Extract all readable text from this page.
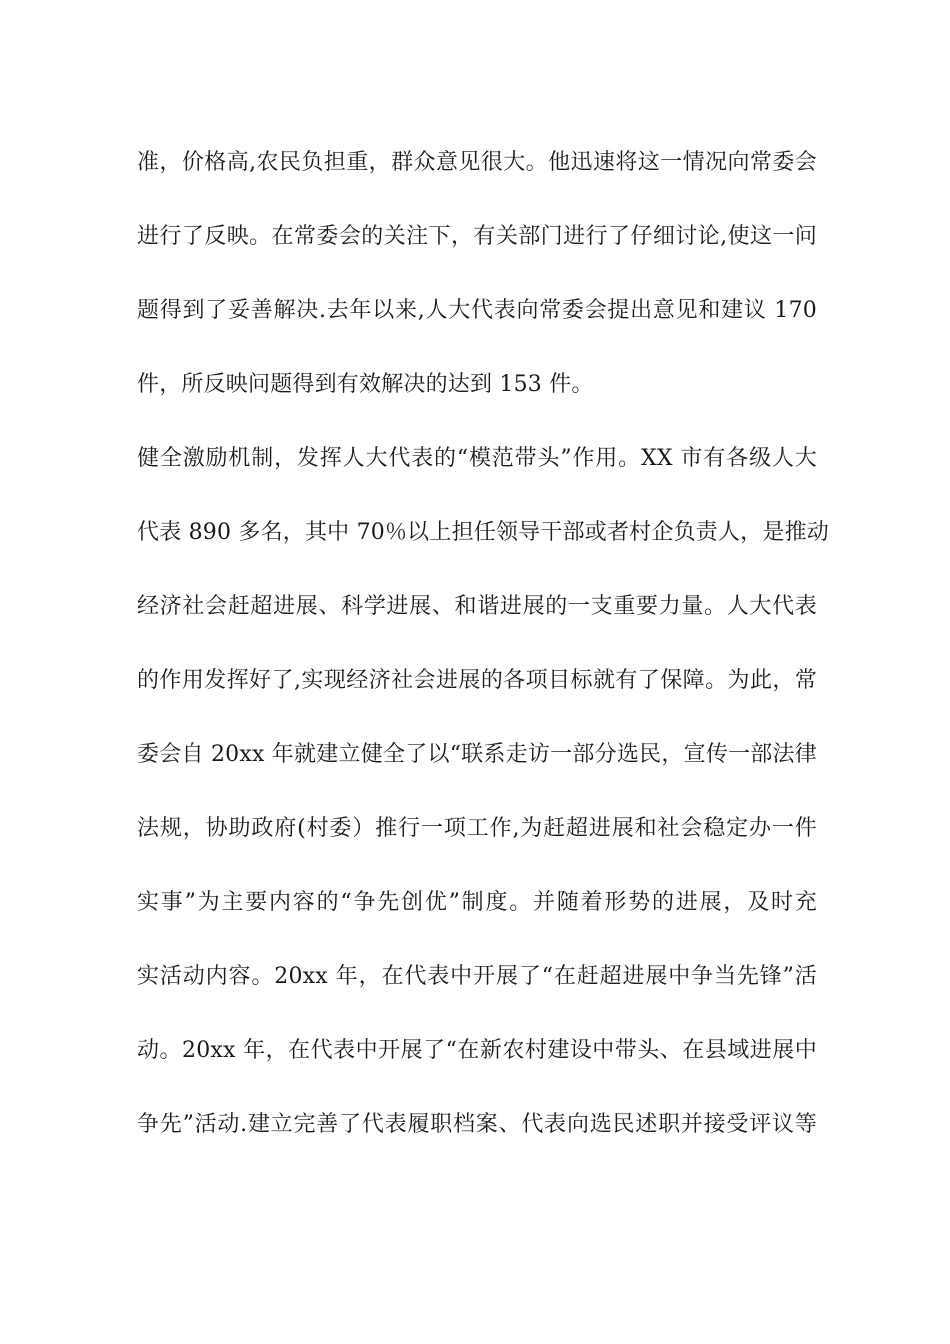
准，价格高,农民负担重，群众意见很大。他迅速将这一情况向常委会
进行了反映。在常委会的关注下，有关部门进行了仔细讨论,使这一问
题得到了妥善解决.去年以来,人大代表向常委会提出意见和建议 170
件，所反映问题得到有效解决的达到 153 件。
健全激励机制，发挥人大代表的“模范带头”作用。XX 市有各级人大
代表 890 多名，其中 70％以上担任领导干部或者村企负责人，是推动
经济社会赶超进展、科学进展、和谐进展的一支重要力量。人大代表
的作用发挥好了,实现经济社会进展的各项目标就有了保障。为此，常
委会自 20xx 年就建立健全了以“联系走访一部分选民，宣传一部法律
法规，协助政府(村委）推行一项工作,为赶超进展和社会稳定办一件
实事”为主要内容的“争先创优”制度。并随着形势的进展，及时充
实活动内容。20xx 年，在代表中开展了“在赶超进展中争当先锋”活
动。20xx 年，在代表中开展了“在新农村建设中带头、在县域进展中
争先”活动.建立完善了代表履职档案、代表向选民述职并接受评议等
